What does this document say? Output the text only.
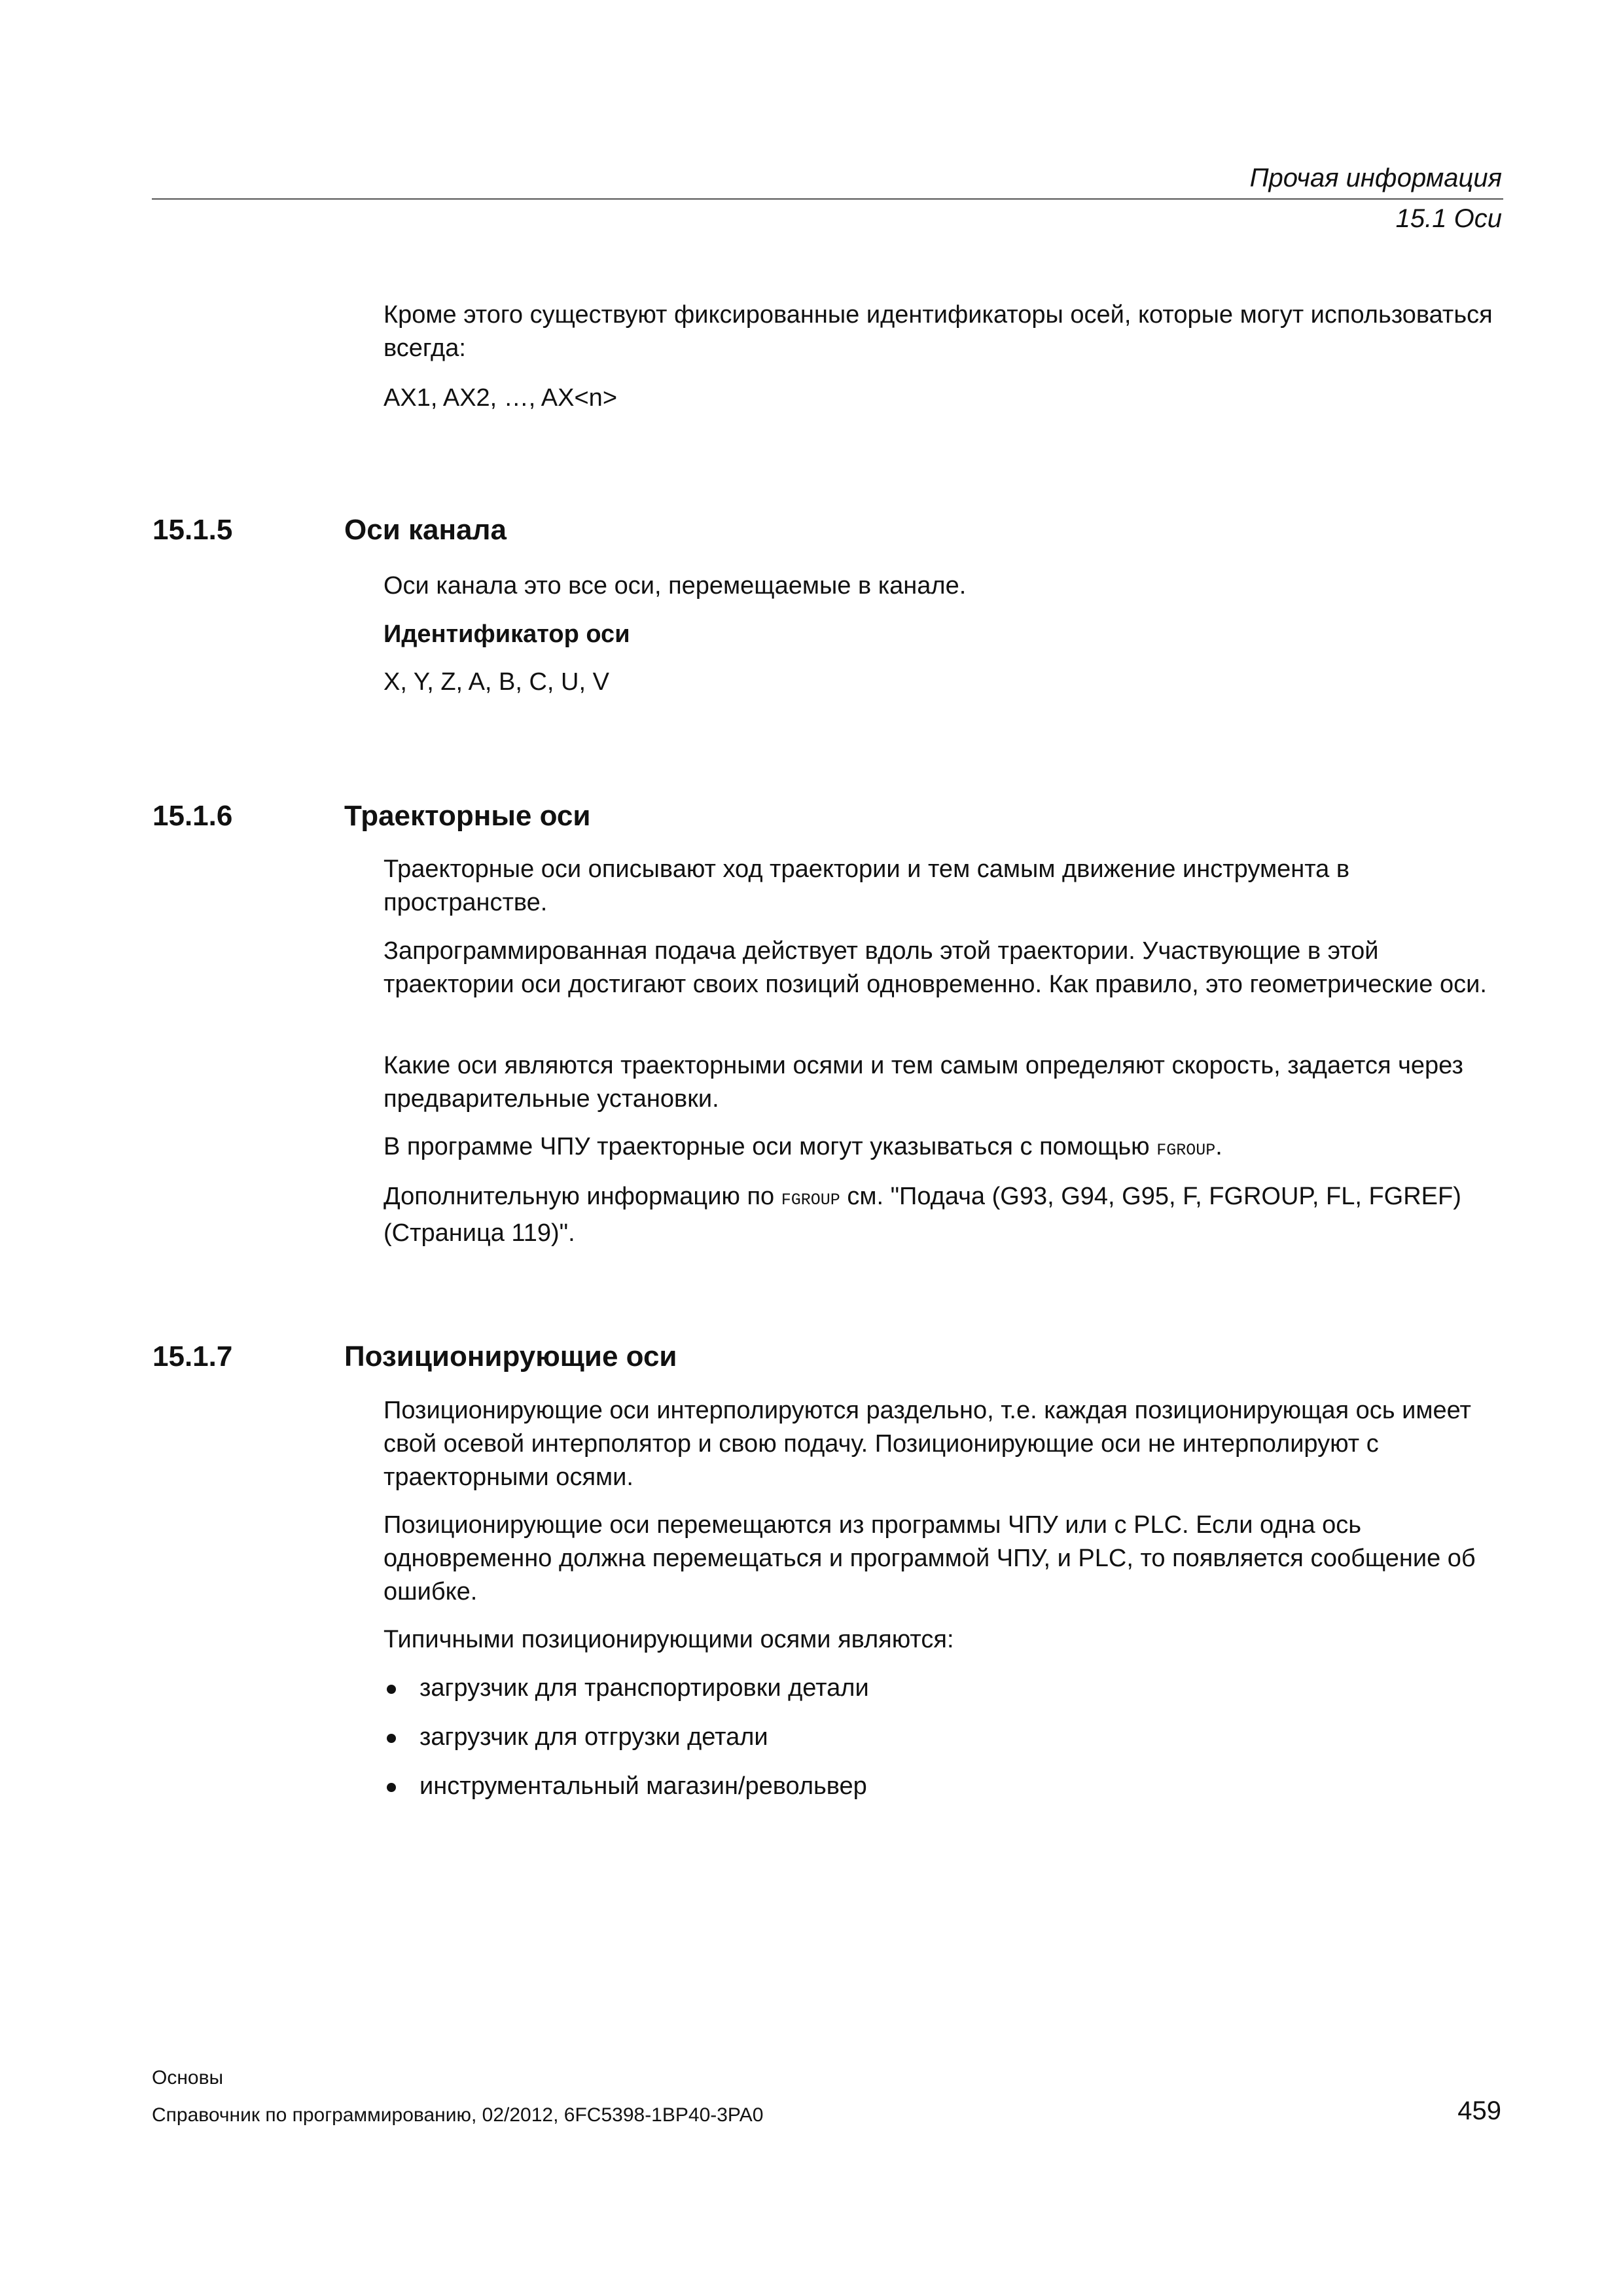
Прочая информация
15.1 Оси

Кроме этого существуют фиксированные идентификаторы осей, которые могут использоваться всегда:

AX1, AX2, …, AX<n>

15.1.5	Оси канала

Оси канала это все оси, перемещаемые в канале.

Идентификатор оси

X, Y, Z, A, B, C, U, V

15.1.6	Траекторные оси

Траекторные оси описывают ход траектории и тем самым движение инструмента в пространстве.

Запрограммированная подача действует вдоль этой траектории. Участвующие в этой траектории оси достигают своих позиций одновременно. Как правило, это геометрические оси.

Какие оси являются траекторными осями и тем самым определяют скорость, задается через предварительные установки.

В программе ЧПУ траекторные оси могут указываться с помощью FGROUP.

Дополнительную информацию по FGROUP см. "Подача (G93, G94, G95, F, FGROUP, FL, FGREF) (Страница 119)".

15.1.7	Позиционирующие оси

Позиционирующие оси интерполируются раздельно, т.е. каждая позиционирующая ось имеет свой осевой интерполятор и свою подачу. Позиционирующие оси не интерполируют с траекторными осями.

Позиционирующие оси перемещаются из программы ЧПУ или с PLC. Если одна ось одновременно должна перемещаться и программой ЧПУ, и PLC, то появляется сообщение об ошибке.

Типичными позиционирующими осями являются:

загрузчик для транспортировки детали
загрузчик для отгрузки детали
инструментальный магазин/револьвер
Основы
Справочник по программированию, 02/2012, 6FC5398-1BP40-3PA0	459
